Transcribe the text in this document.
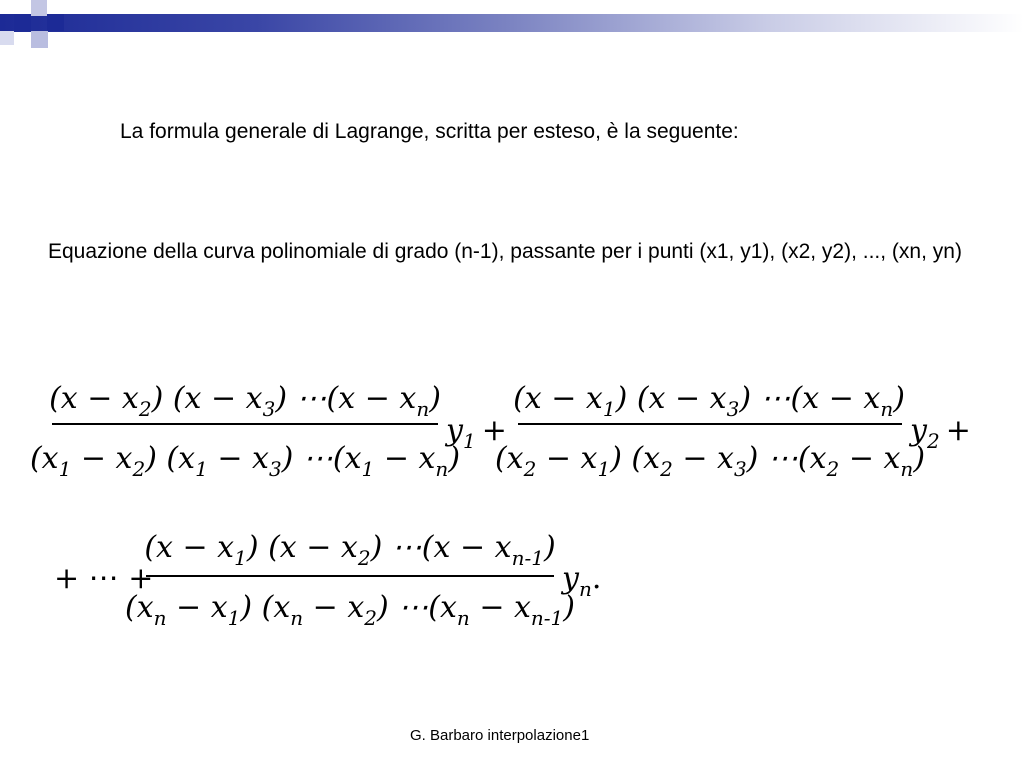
La formula generale di Lagrange, scritta per esteso, è la seguente:

Equazione della curva polinomiale di grado (n-1), passante per i punti (x1, y1), (x2, y2), ..., (xn, yn)

$(x - x_2)$ $(x - x_3)$ ⋯(x − $x_n$)
$(x_1 - x_2) (x_1 - x_3)$ $\cdots(x_1 - x_n)$
$y_1$ +
$(x - x_1)$ $(x - x_3)$ ⋯(x − $x_n$)
$(x_2 - x_1) (x_2 - x_3)$ $\cdots(x_2 - x_n)$
$y_2$ +
+ ⋯ +
$(x - x_1)$ $(x - x_2)$ ⋯(x − $x_{n-1}$)
$(x_n - x_1) (x_n - x_2)$ $\cdots(x_n - x_{n-1})$
$y_n$.
G. Barbaro interpolazione1
